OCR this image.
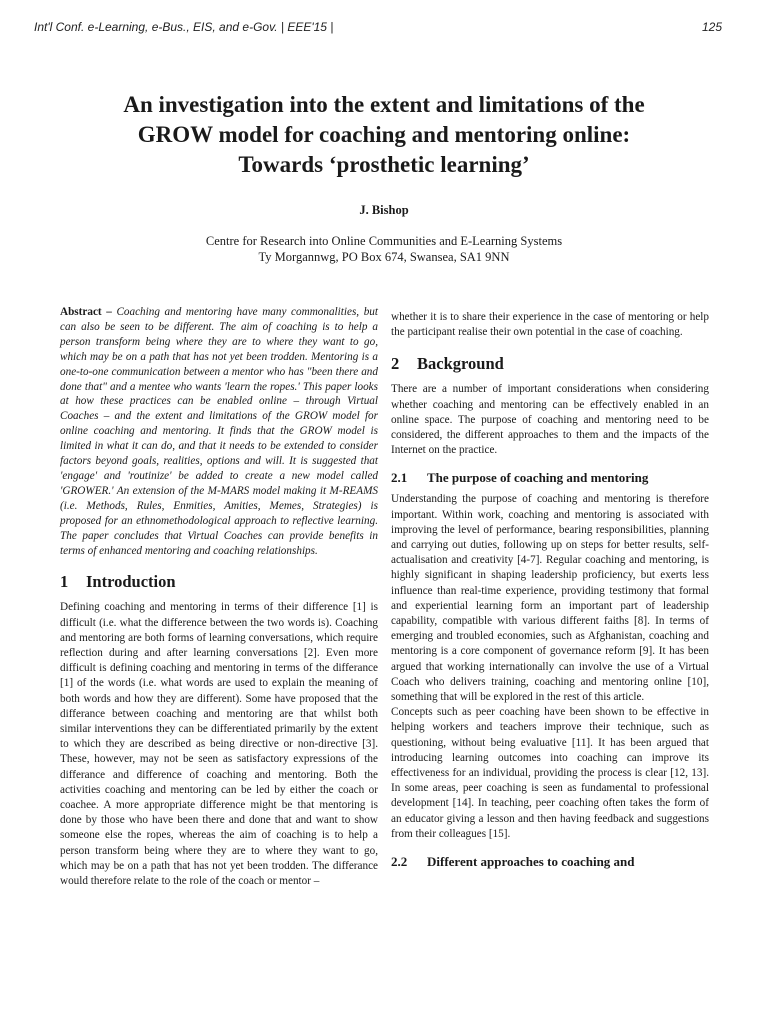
Int'l Conf. e-Learning, e-Bus., EIS, and e-Gov. | EEE'15 |	125
An investigation into the extent and limitations of the
GROW model for coaching and mentoring online:
Towards ‘prosthetic learning’
J. Bishop
Centre for Research into Online Communities and E-Learning Systems
Ty Morgannwg, PO Box 674, Swansea, SA1 9NN

Abstract – Coaching and mentoring have many commonalities, but can also be seen to be different. The aim of coaching is to help a person transform being where they are to where they want to go, which may be on a path that has not yet been trodden. Mentoring is a one-to-one communication between a mentor who has "been there and done that" and a mentee who wants 'learn the ropes.' This paper looks at how these practices can be enabled online – through Virtual Coaches – and the extent and limitations of the GROW model for online coaching and mentoring. It finds that the GROW model is limited in what it can do, and that it needs to be extended to consider factors beyond goals, realities, options and will. It is suggested that 'engage' and 'routinize' be added to create a new model called 'GROWER.' An extension of the M-MARS model making it M-REAMS (i.e. Methods, Rules, Enmities, Amities, Memes, Strategies) is proposed for an ethnomethodological approach to reflective learning. The paper concludes that Virtual Coaches can provide benefits in terms of enhanced mentoring and coaching relationships.

1 Introduction

Defining coaching and mentoring in terms of their difference [1] is difficult (i.e. what the difference between the two words is). Coaching and mentoring are both forms of learning conversations, which require reflection during and after learning conversations [2]. Even more difficult is defining coaching and mentoring in terms of the differance [1] of the words (i.e. what words are used to explain the meaning of both words and how they are different). Some have proposed that the differance between coaching and mentoring are that whilst both similar interventions they can be differentiated primarily by the extent to which they are described as being directive or non-directive [3]. These, however, may not be seen as satisfactory expressions of the differance and difference of coaching and mentoring. Both the activities coaching and mentoring can be led by either the coach or coachee. A more appropriate difference might be that mentoring is done by those who have been there and done that and want to show someone else the ropes, whereas the aim of coaching is to help a person transform being where they are to where they want to go, which may be on a path that has not yet been trodden. The differance would therefore relate to the role of the coach or mentor –

whether it is to share their experience in the case of mentoring or help the participant realise their own potential in the case of coaching.

2 Background

There are a number of important considerations when considering whether coaching and mentoring can be effectively enabled in an online space. The purpose of coaching and mentoring need to be considered, the different approaches to them and the impacts of the Internet on the practice.

2.1 The purpose of coaching and mentoring

Understanding the purpose of coaching and mentoring is therefore important. Within work, coaching and mentoring is associated with improving the level of performance, bearing responsibilities, planning and carrying out duties, following up on steps for better results, self-actualisation and creativity [4-7]. Regular coaching and mentoring, is highly significant in shaping leadership proficiency, but exerts less influence than real-time experience, providing testimony that formal and experiential learning form an important part of leadership capability, compatible with various different faiths [8]. In terms of emerging and troubled economies, such as Afghanistan, coaching and mentoring is a core component of governance reform [9]. It has been argued that working internationally can involve the use of a Virtual Coach who delivers training, coaching and mentoring online [10], something that will be explored in the rest of this article.

Concepts such as peer coaching have been shown to be effective in helping workers and teachers improve their technique, such as questioning, without being evaluative [11]. It has been argued that introducing learning outcomes into coaching can improve its effectiveness for an individual, providing the process is clear [12, 13]. In some areas, peer coaching is seen as fundamental to professional development [14]. In teaching, peer coaching often takes the form of an educator giving a lesson and then having feedback and suggestions from their colleagues [15].

2.2 Different approaches to coaching and
